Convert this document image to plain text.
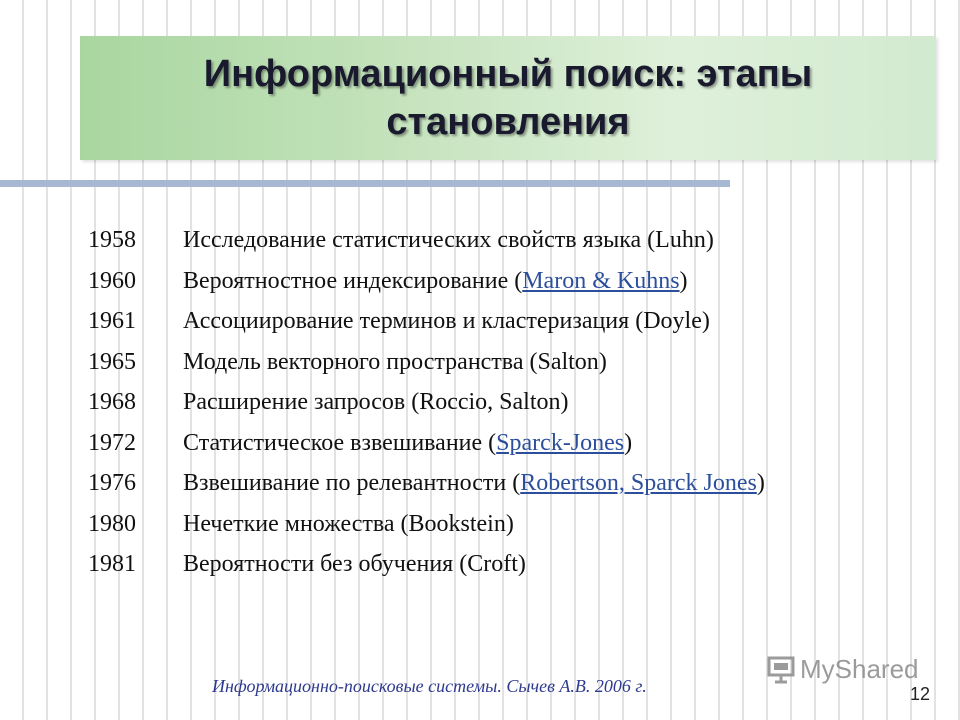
Информационный поиск: этапы
становления
1958	Исследование статистических свойств языка (Luhn)
1960	Вероятностное индексирование (Maron & Kuhns)
1961	Ассоциирование терминов и кластеризация (Doyle)
1965	Модель векторного пространства (Salton)
1968	Расширение запросов (Roccio, Salton)
1972	Статистическое взвешивание (Sparck-Jones)
1976	Взвешивание по релевантности (Robertson, Sparck Jones)
1980	Нечеткие множества (Bookstein)
1981	Вероятности без обучения (Croft)
Информационно-поисковые системы. Сычев А.В. 2006 г.
MyShared
12
